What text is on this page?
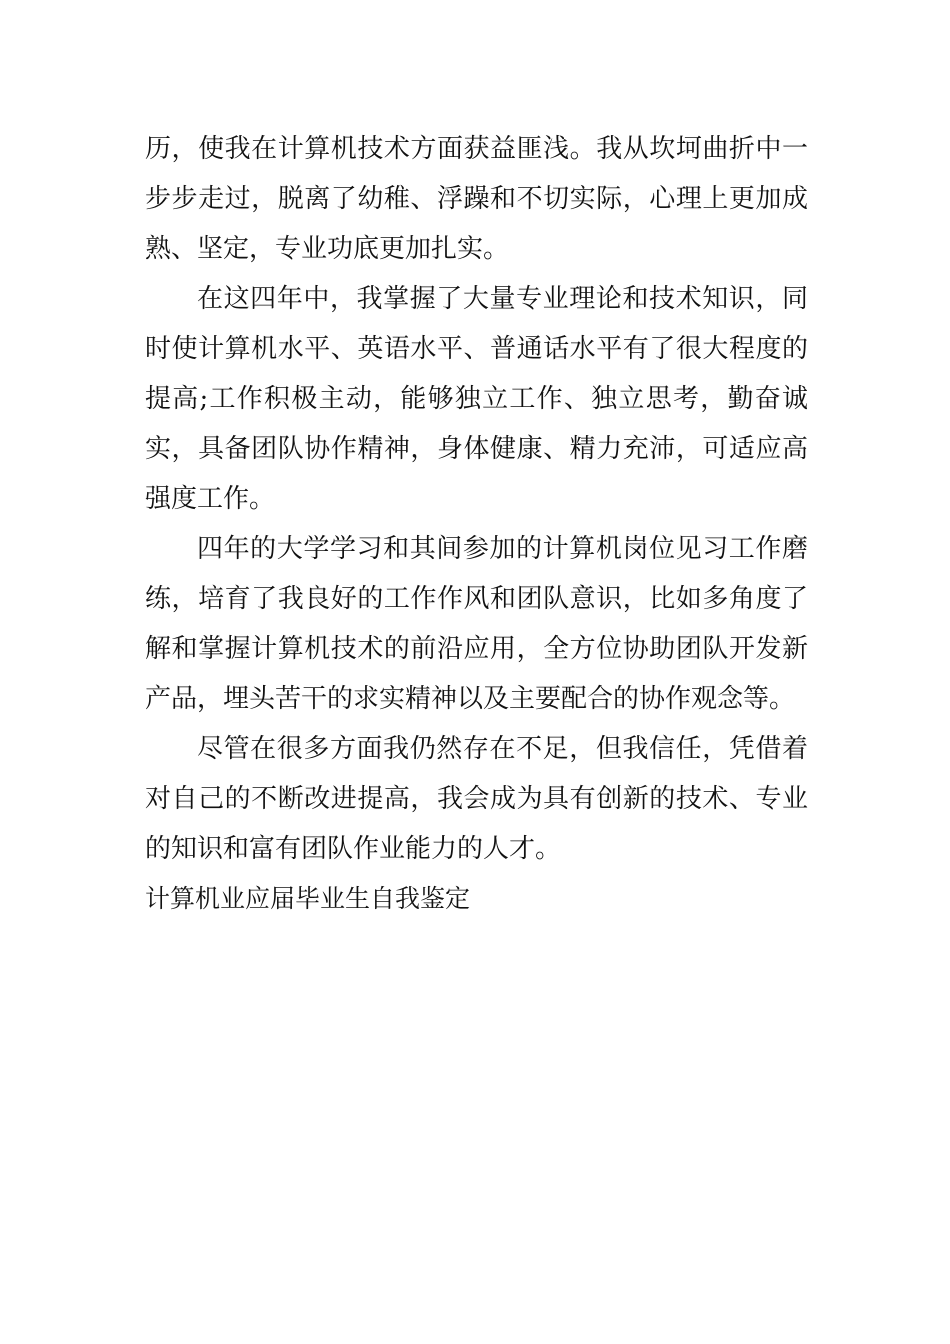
历，使我在计算机技术方面获益匪浅。我从坎坷曲折中一步步走过，脱离了幼稚、浮躁和不切实际，心理上更加成熟、坚定，专业功底更加扎实。

在这四年中，我掌握了大量专业理论和技术知识，同时使计算机水平、英语水平、普通话水平有了很大程度的提高;工作积极主动，能够独立工作、独立思考，勤奋诚实，具备团队协作精神，身体健康、精力充沛，可适应高强度工作。

四年的大学学习和其间参加的计算机岗位见习工作磨练，培育了我良好的工作作风和团队意识，比如多角度了解和掌握计算机技术的前沿应用，全方位协助团队开发新产品，埋头苦干的求实精神以及主要配合的协作观念等。

尽管在很多方面我仍然存在不足，但我信任，凭借着对自己的不断改进提高，我会成为具有创新的技术、专业的知识和富有团队作业能力的人才。

计算机业应届毕业生自我鉴定
